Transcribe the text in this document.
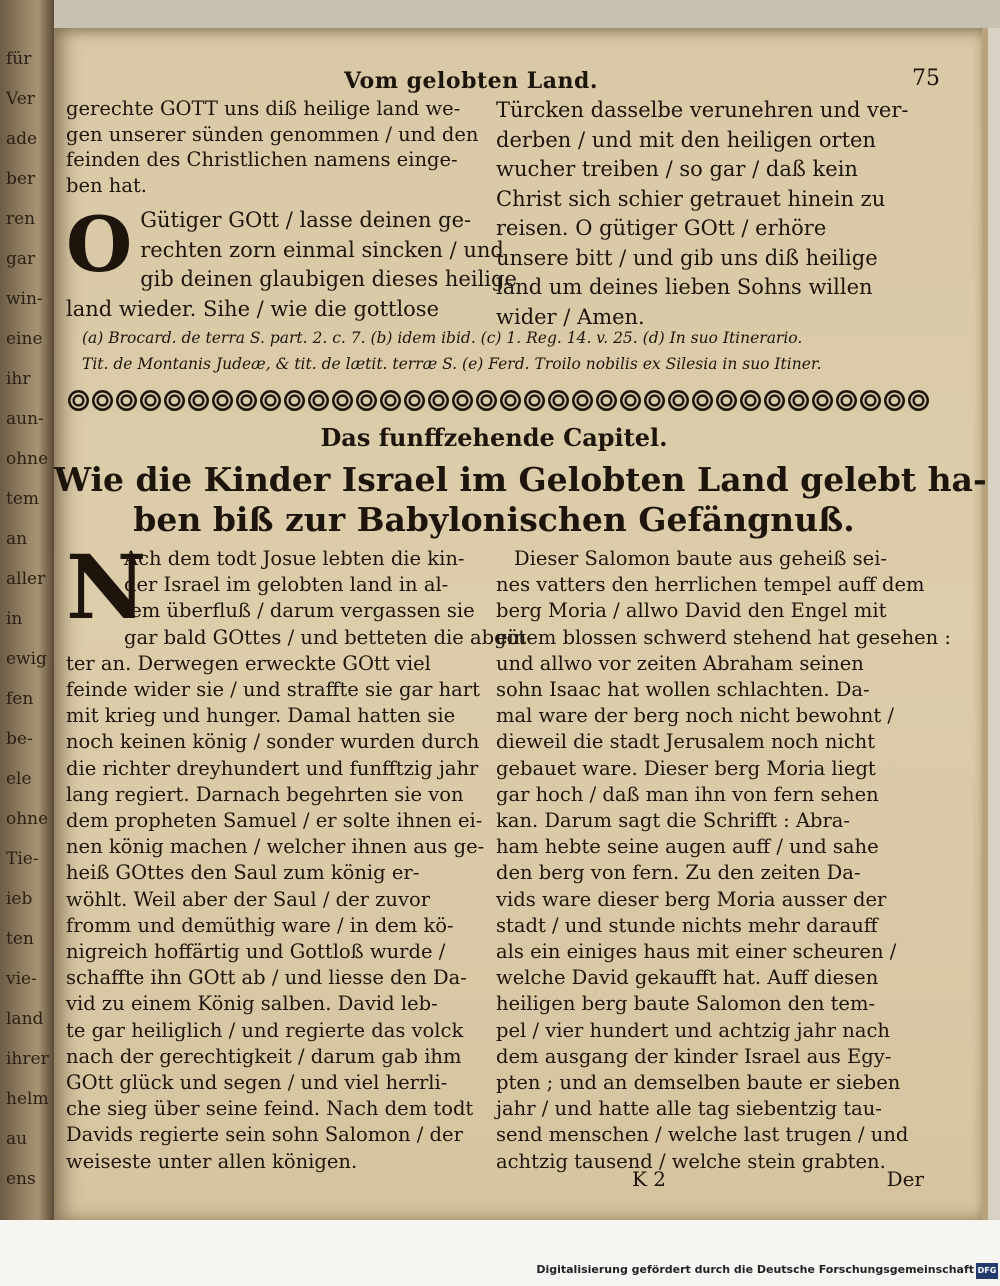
für
Ver
ade
ber
ren
gar
win-
eine
ihr
aun-
ohne
tem
an
aller
in
ewig
fen
be-
ele
ohne
Tie-
ieb
ten
vie-
land
ihrer
helm
au
ens
Vom gelobten Land.	75
gerechte GOTT uns diß heilige land we-
gen unserer sünden genommen / und den
feinden des Christlichen namens einge-
ben hat.
O Gütiger GOtt / lasse deinen ge-
rechten zorn einmal sincken / und
gib deinen glaubigen dieses heilige
land wieder. Sihe / wie die gottlose
Türcken dasselbe verunehren und ver-
derben / und mit den heiligen orten
wucher treiben / so gar / daß kein
Christ sich schier getrauet hinein zu
reisen. O gütiger GOtt / erhöre
unsere bitt / und gib uns diß heilige
land um deines lieben Sohns willen
wider / Amen.
(a) Brocard. de terra S. part. 2. c. 7. (b) idem ibid. (c) 1. Reg. 14. v. 25. (d) In suo Itinerario.
Tit. de Montanis Judeæ, & tit. de lætit. terræ S. (e) Ferd. Troilo nobilis ex Silesia in suo Itiner.
Das funffzehende Capitel.
Wie die Kinder Israel im Gelobten Land gelebt ha-
ben biß zur Babylonischen Gefängnuß.
N
Ach dem todt Josue lebten die kin-
der Israel im gelobten land in al-
lem überfluß / darum vergassen sie
gar bald GOttes / und betteten die abgöt-
ter an. Derwegen erweckte GOtt viel
feinde wider sie / und straffte sie gar hart
mit krieg und hunger. Damal hatten sie
noch keinen könig / sonder wurden durch
die richter dreyhundert und funfftzig jahr
lang regiert. Darnach begehrten sie von
dem propheten Samuel / er solte ihnen ei-
nen könig machen / welcher ihnen aus ge-
heiß GOttes den Saul zum könig er-
wöhlt. Weil aber der Saul / der zuvor
fromm und demüthig ware / in dem kö-
nigreich hoffärtig und Gottloß wurde /
schaffte ihn GOtt ab / und liesse den Da-
vid zu einem König salben. David leb-
te gar heiliglich / und regierte das volck
nach der gerechtigkeit / darum gab ihm
GOtt glück und segen / und viel herrli-
che sieg über seine feind. Nach dem todt
Davids regierte sein sohn Salomon / der
weiseste unter allen königen.
Dieser Salomon baute aus geheiß sei-
nes vatters den herrlichen tempel auff dem
berg Moria / allwo David den Engel mit
einem blossen schwerd stehend hat gesehen :
und allwo vor zeiten Abraham seinen
sohn Isaac hat wollen schlachten. Da-
mal ware der berg noch nicht bewohnt /
dieweil die stadt Jerusalem noch nicht
gebauet ware. Dieser berg Moria liegt
gar hoch / daß man ihn von fern sehen
kan. Darum sagt die Schrifft : Abra-
ham hebte seine augen auff / und sahe
den berg von fern. Zu den zeiten Da-
vids ware dieser berg Moria ausser der
stadt / und stunde nichts mehr darauff
als ein einiges haus mit einer scheuren /
welche David gekaufft hat. Auff diesen
heiligen berg baute Salomon den tem-
pel / vier hundert und achtzig jahr nach
dem ausgang der kinder Israel aus Egy-
pten ; und an demselben baute er sieben
jahr / und hatte alle tag siebentzig tau-
send menschen / welche last trugen / und
achtzig tausend / welche stein grabten.
K 2	Der
Digitalisierung gefördert durch die Deutsche Forschungsgemeinschaft DFG
